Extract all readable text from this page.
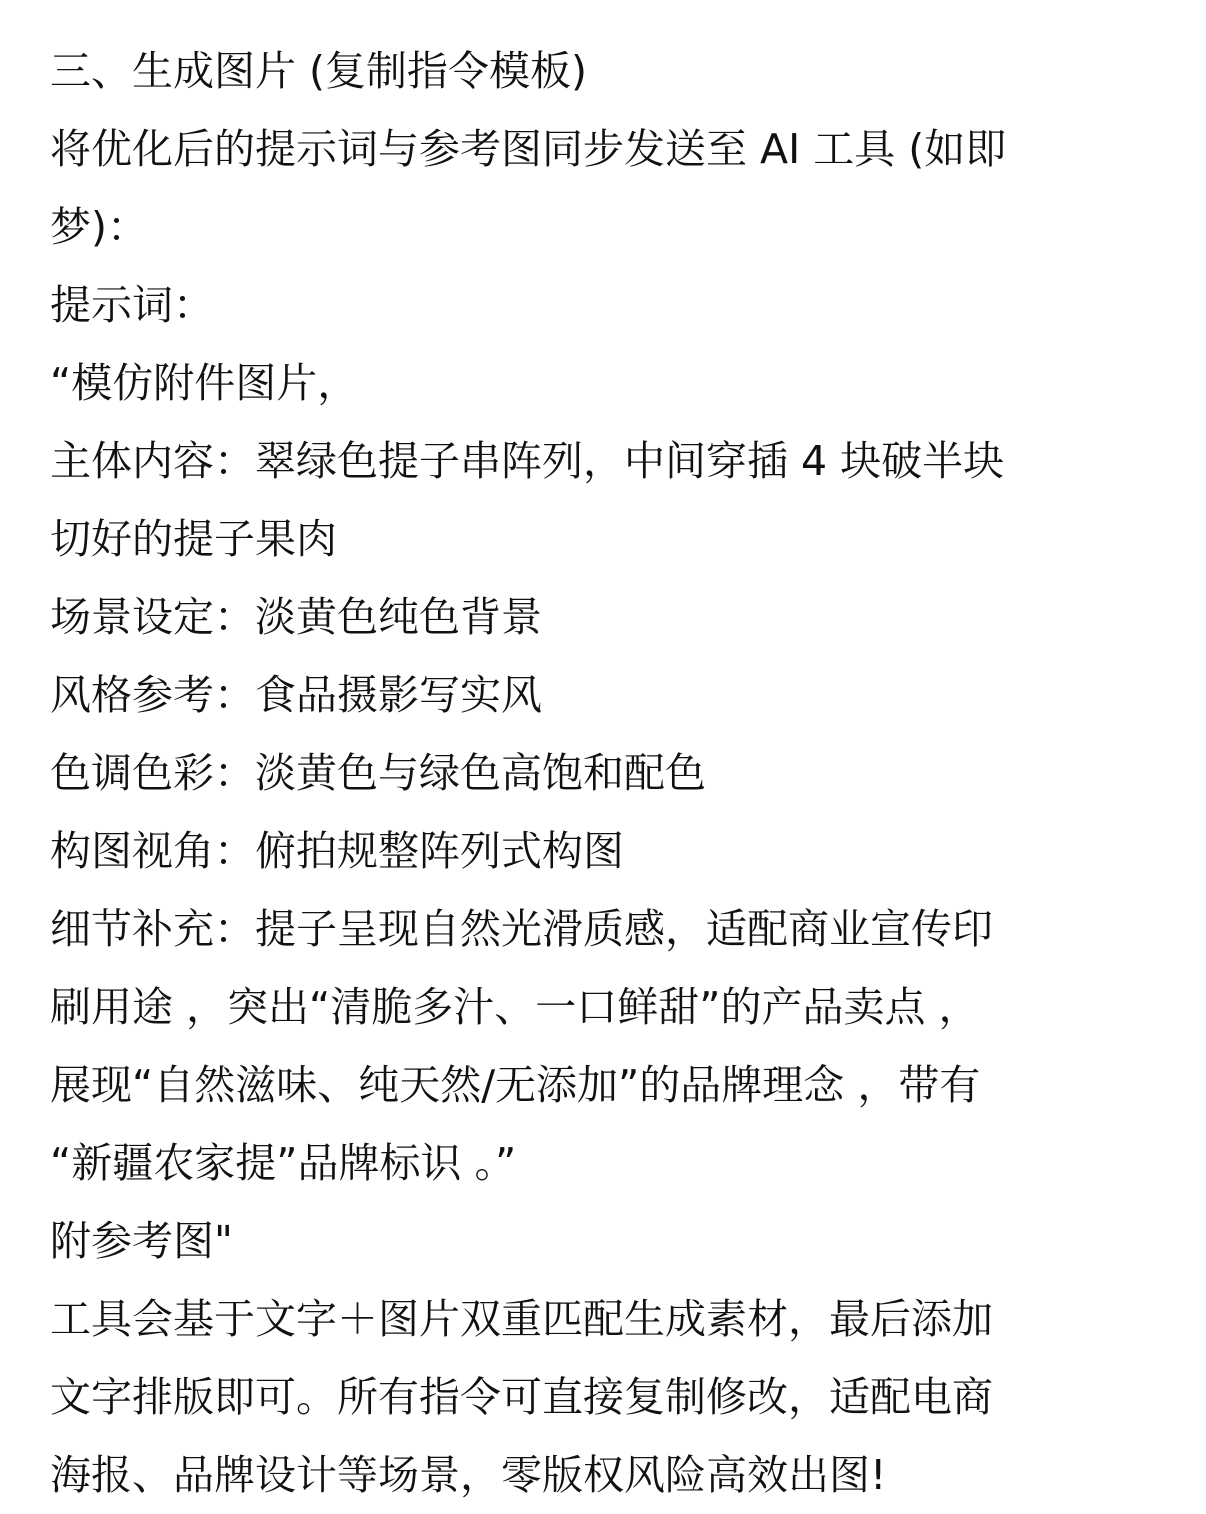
三、生成图片 (复制指令模板)
将优化后的提示词与参考图同步发送至 AI 工具 (如即
梦)：
提示词：
“模仿附件图片，
主体内容：翠绿色提子串阵列，中间穿插 4 块破半块
切好的提子果肉
场景设定：淡黄色纯色背景
风格参考：食品摄影写实风
色调色彩：淡黄色与绿色高饱和配色
构图视角：俯拍规整阵列式构图
细节补充：提子呈现自然光滑质感，适配商业宣传印
刷用途 ，突出“清脆多汁、一口鲜甜”的产品卖点 ，
展现“自然滋味、纯天然/无添加”的品牌理念 ，带有
“新疆农家提”品牌标识 。”
附参考图"
工具会基于文字＋图片双重匹配生成素材，最后添加
文字排版即可。所有指令可直接复制修改，适配电商
海报、品牌设计等场景，零版权风险高效出图!
